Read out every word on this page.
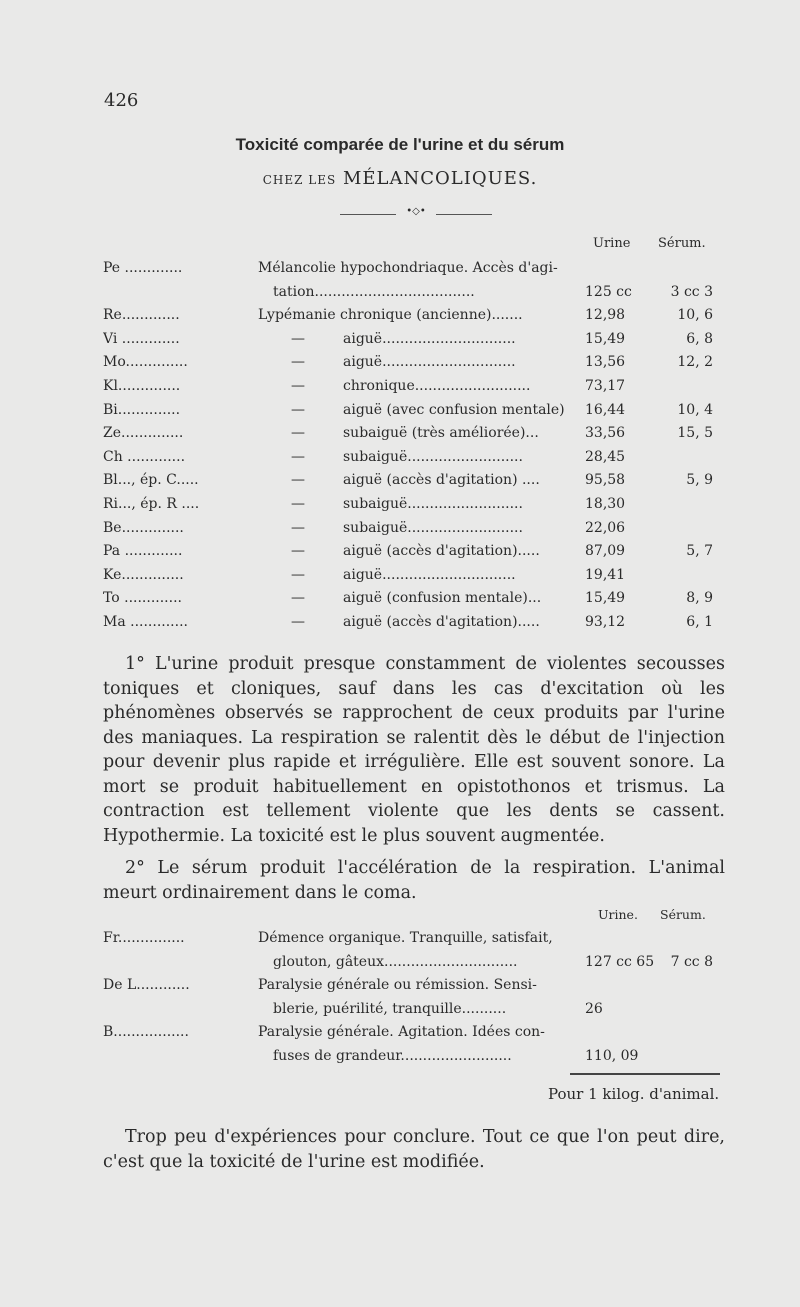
426
Toxicité comparée de l'urine et du sérum
CHEZ LES MÉLANCOLIQUES.
•◇•
Urine Sérum.
Pe .............	Mélancolie hypochondriaque. Accès d'agi-
tation....................................	125 cc	3 cc 3
Re.............	Lypémanie chronique (ancienne).......	12,98	10, 6
Vi .............	—	aiguë..............................	15,49	6, 8
Mo..............	—	aiguë..............................	13,56	12, 2
Kl..............	—	chronique..........................	73,17
Bi..............	—	aiguë (avec confusion mentale) 16,44	10, 4
Ze..............	—	subaiguë (très améliorée)...	33,56	15, 5
Ch .............	—	subaiguë..........................	28,45
Bl..., ép. C.....	—	aiguë (accès d'agitation) ....	95,58	5, 9
Ri..., ép. R ....	—	subaiguë..........................	18,30
Be..............	—	subaiguë..........................	22,06
Pa .............	—	aiguë (accès d'agitation).....	87,09	5, 7
Ke..............	—	aiguë..............................	19,41
To .............	—	aiguë (confusion mentale)...	15,49	8, 9
Ma .............	—	aiguë (accès d'agitation).....	93,12	6, 1

1° L'urine produit presque constamment de violentes secousses toniques et cloniques, sauf dans les cas d'excitation où les phénomènes observés se rapprochent de ceux produits par l'urine des maniaques. La respiration se ralentit dès le début de l'injection pour devenir plus rapide et irrégulière. Elle est souvent sonore. La mort se produit habituellement en opistothonos et trismus. La contraction est tellement violente que les dents se cassent. Hypothermie. La toxicité est le plus souvent augmentée.

2° Le sérum produit l'accélération de la respiration. L'animal meurt ordinairement dans le coma.

Urine. Sérum.
Fr...............	Démence organique. Tranquille, satisfait,
glouton, gâteux..............................	127 cc 65	7 cc 8
De L............	Paralysie générale ou rémission. Sensi-
blerie, puérilité, tranquille..........	26
B.................	Paralysie générale. Agitation. Idées con-
fuses de grandeur.........................	110, 09
Pour 1 kilog. d'animal.

Trop peu d'expériences pour conclure. Tout ce que l'on peut dire, c'est que la toxicité de l'urine est modifiée.
